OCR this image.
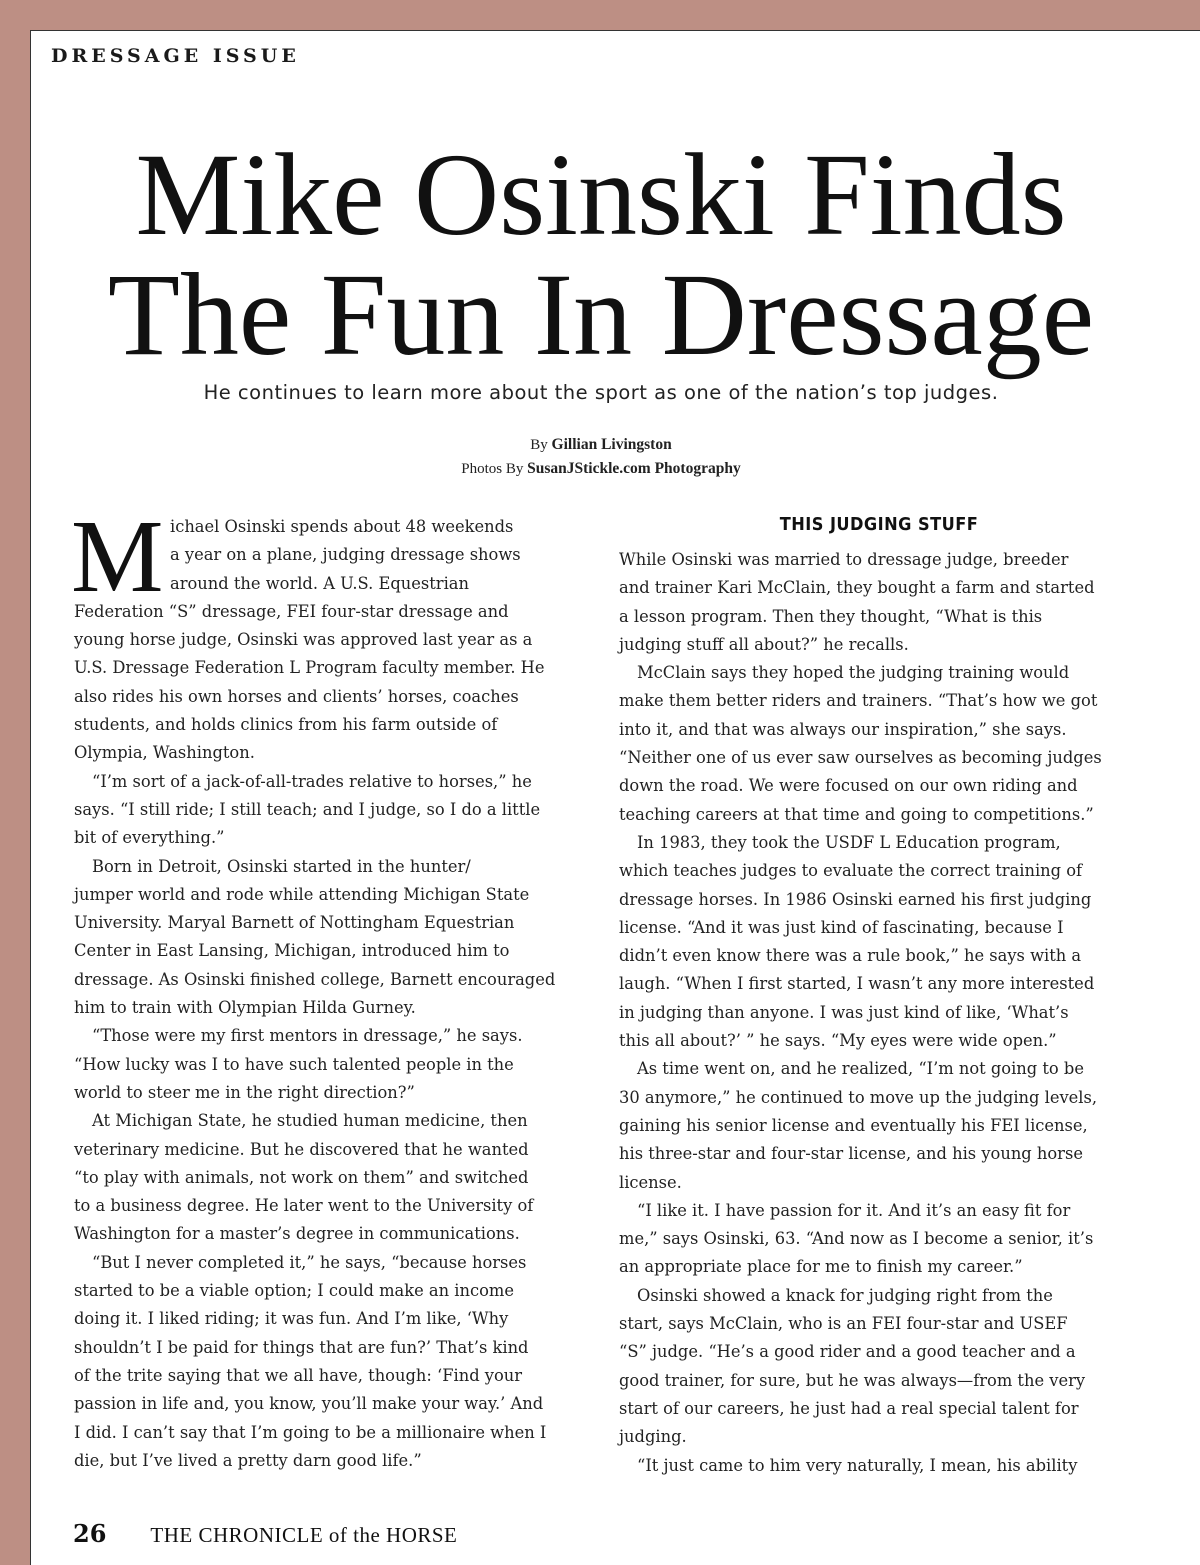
DRESSAGE ISSUE
Mike Osinski Finds
The Fun In Dressage
He continues to learn more about the sport as one of the nation’s top judges.
By Gillian Livingston
Photos By SusanJStickle.com Photography
M ichael Osinski spends about 48 weekends

a year on a plane, judging dressage shows

around the world. A U.S. Equestrian

Federation “S” dressage, FEI four-star dressage and

young horse judge, Osinski was approved last year as a

U.S. Dressage Federation L Program faculty member. He

also rides his own horses and clients’ horses, coaches

students, and holds clinics from his farm outside of

Olympia, Washington.

“I’m sort of a jack-of-all-trades relative to horses,” he

says. “I still ride; I still teach; and I judge, so I do a little

bit of everything.”

Born in Detroit, Osinski started in the hunter/

jumper world and rode while attending Michigan State

University. Maryal Barnett of Nottingham Equestrian

Center in East Lansing, Michigan, introduced him to

dressage. As Osinski finished college, Barnett encouraged

him to train with Olympian Hilda Gurney.

“Those were my first mentors in dressage,” he says.

“How lucky was I to have such talented people in the

world to steer me in the right direction?”

At Michigan State, he studied human medicine, then

veterinary medicine. But he discovered that he wanted

“to play with animals, not work on them” and switched

to a business degree. He later went to the University of

Washington for a master’s degree in communications.

“But I never completed it,” he says, “because horses

started to be a viable option; I could make an income

doing it. I liked riding; it was fun. And I’m like, ‘Why

shouldn’t I be paid for things that are fun?’ That’s kind

of the trite saying that we all have, though: ‘Find your

passion in life and, you know, you’ll make your way.’ And

I did. I can’t say that I’m going to be a millionaire when I

die, but I’ve lived a pretty darn good life.”

THIS JUDGING STUFF

While Osinski was married to dressage judge, breeder

and trainer Kari McClain, they bought a farm and started

a lesson program. Then they thought, “What is this

judging stuff all about?” he recalls.

McClain says they hoped the judging training would

make them better riders and trainers. “That’s how we got

into it, and that was always our inspiration,” she says.

“Neither one of us ever saw ourselves as becoming judges

down the road. We were focused on our own riding and

teaching careers at that time and going to competitions.”

In 1983, they took the USDF L Education program,

which teaches judges to evaluate the correct training of

dressage horses. In 1986 Osinski earned his first judging

license. “And it was just kind of fascinating, because I

didn’t even know there was a rule book,” he says with a

laugh. “When I first started, I wasn’t any more interested

in judging than anyone. I was just kind of like, ‘What’s

this all about?’ ” he says. “My eyes were wide open.”

As time went on, and he realized, “I’m not going to be

30 anymore,” he continued to move up the judging levels,

gaining his senior license and eventually his FEI license,

his three-star and four-star license, and his young horse

license.

“I like it. I have passion for it. And it’s an easy fit for

me,” says Osinski, 63. “And now as I become a senior, it’s

an appropriate place for me to finish my career.”

Osinski showed a knack for judging right from the

start, says McClain, who is an FEI four-star and USEF

“S” judge. “He’s a good rider and a good teacher and a

good trainer, for sure, but he was always—from the very

start of our careers, he just had a real special talent for

judging.

“It just came to him very naturally, I mean, his ability

26 THE CHRONICLE of the HORSE
